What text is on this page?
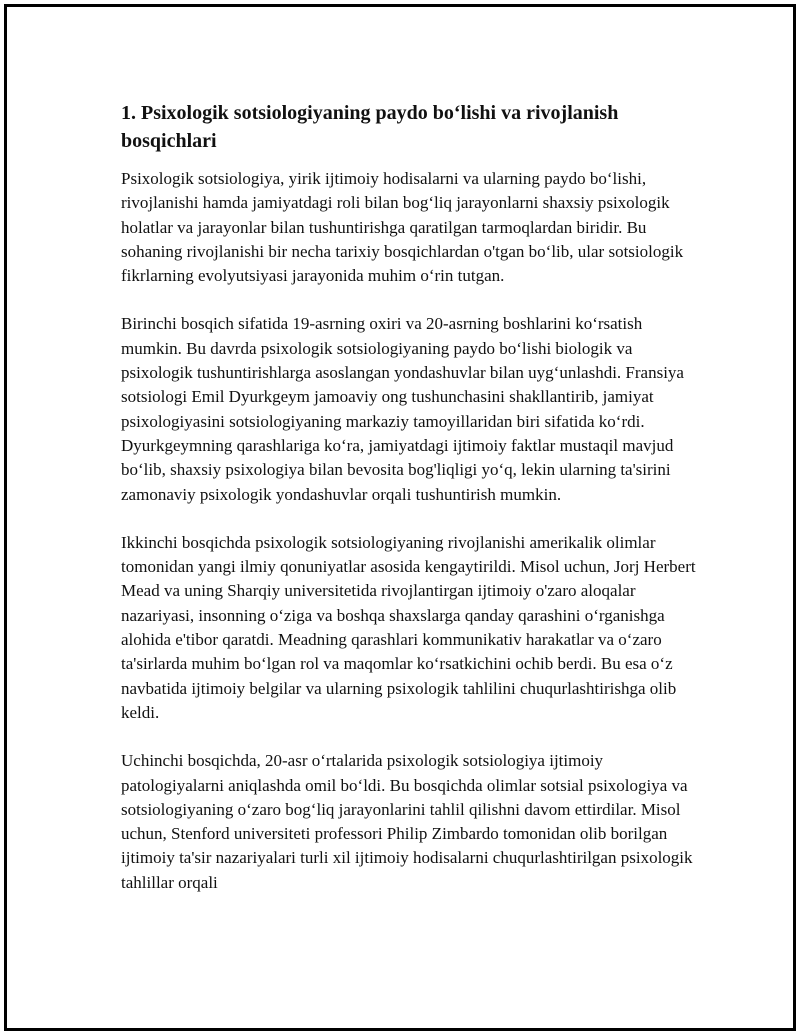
1. Psixologik sotsiologiyaning paydo bo‘lishi va rivojlanish bosqichlari

Psixologik sotsiologiya, yirik ijtimoiy hodisalarni va ularning paydo bo‘lishi, rivojlanishi hamda jamiyatdagi roli bilan bog‘liq jarayonlarni shaxsiy psixologik holatlar va jarayonlar bilan tushuntirishga qaratilgan tarmoqlardan biridir. Bu sohaning rivojlanishi bir necha tarixiy bosqichlardan o'tgan bo‘lib, ular sotsiologik fikrlarning evolyutsiyasi jarayonida muhim o‘rin tutgan.

Birinchi bosqich sifatida 19-asrning oxiri va 20-asrning boshlarini ko‘rsatish mumkin. Bu davrda psixologik sotsiologiyaning paydo bo‘lishi biologik va psixologik tushuntirishlarga asoslangan yondashuvlar bilan uyg‘unlashdi. Fransiya sotsiologi Emil Dyurkgeym jamoaviy ong tushunchasini shakllantirib, jamiyat psixologiyasini sotsiologiyaning markaziy tamoyillaridan biri sifatida ko‘rdi. Dyurkgeymning qarashlariga ko‘ra, jamiyatdagi ijtimoiy faktlar mustaqil mavjud bo‘lib, shaxsiy psixologiya bilan bevosita bog'liqligi yo‘q, lekin ularning ta'sirini zamonaviy psixologik yondashuvlar orqali tushuntirish mumkin.

Ikkinchi bosqichda psixologik sotsiologiyaning rivojlanishi amerikalik olimlar tomonidan yangi ilmiy qonuniyatlar asosida kengaytirildi. Misol uchun, Jorj Herbert Mead va uning Sharqiy universitetida rivojlantirgan ijtimoiy o'zaro aloqalar nazariyasi, insonning o‘ziga va boshqa shaxslarga qanday qarashini o‘rganishga alohida e'tibor qaratdi. Meadning qarashlari kommunikativ harakatlar va o‘zaro ta'sirlarda muhim bo‘lgan rol va maqomlar ko‘rsatkichini ochib berdi. Bu esa o‘z navbatida ijtimoiy belgilar va ularning psixologik tahlilini chuqurlashtirishga olib keldi.

Uchinchi bosqichda, 20-asr o‘rtalarida psixologik sotsiologiya ijtimoiy patologiyalarni aniqlashda omil bo‘ldi. Bu bosqichda olimlar sotsial psixologiya va sotsiologiyaning o‘zaro bog‘liq jarayonlarini tahlil qilishni davom ettirdilar. Misol uchun, Stenford universiteti professori Philip Zimbardo tomonidan olib borilgan ijtimoiy ta'sir nazariyalari turli xil ijtimoiy hodisalarni chuqurlashtirilgan psixologik tahlillar orqali
